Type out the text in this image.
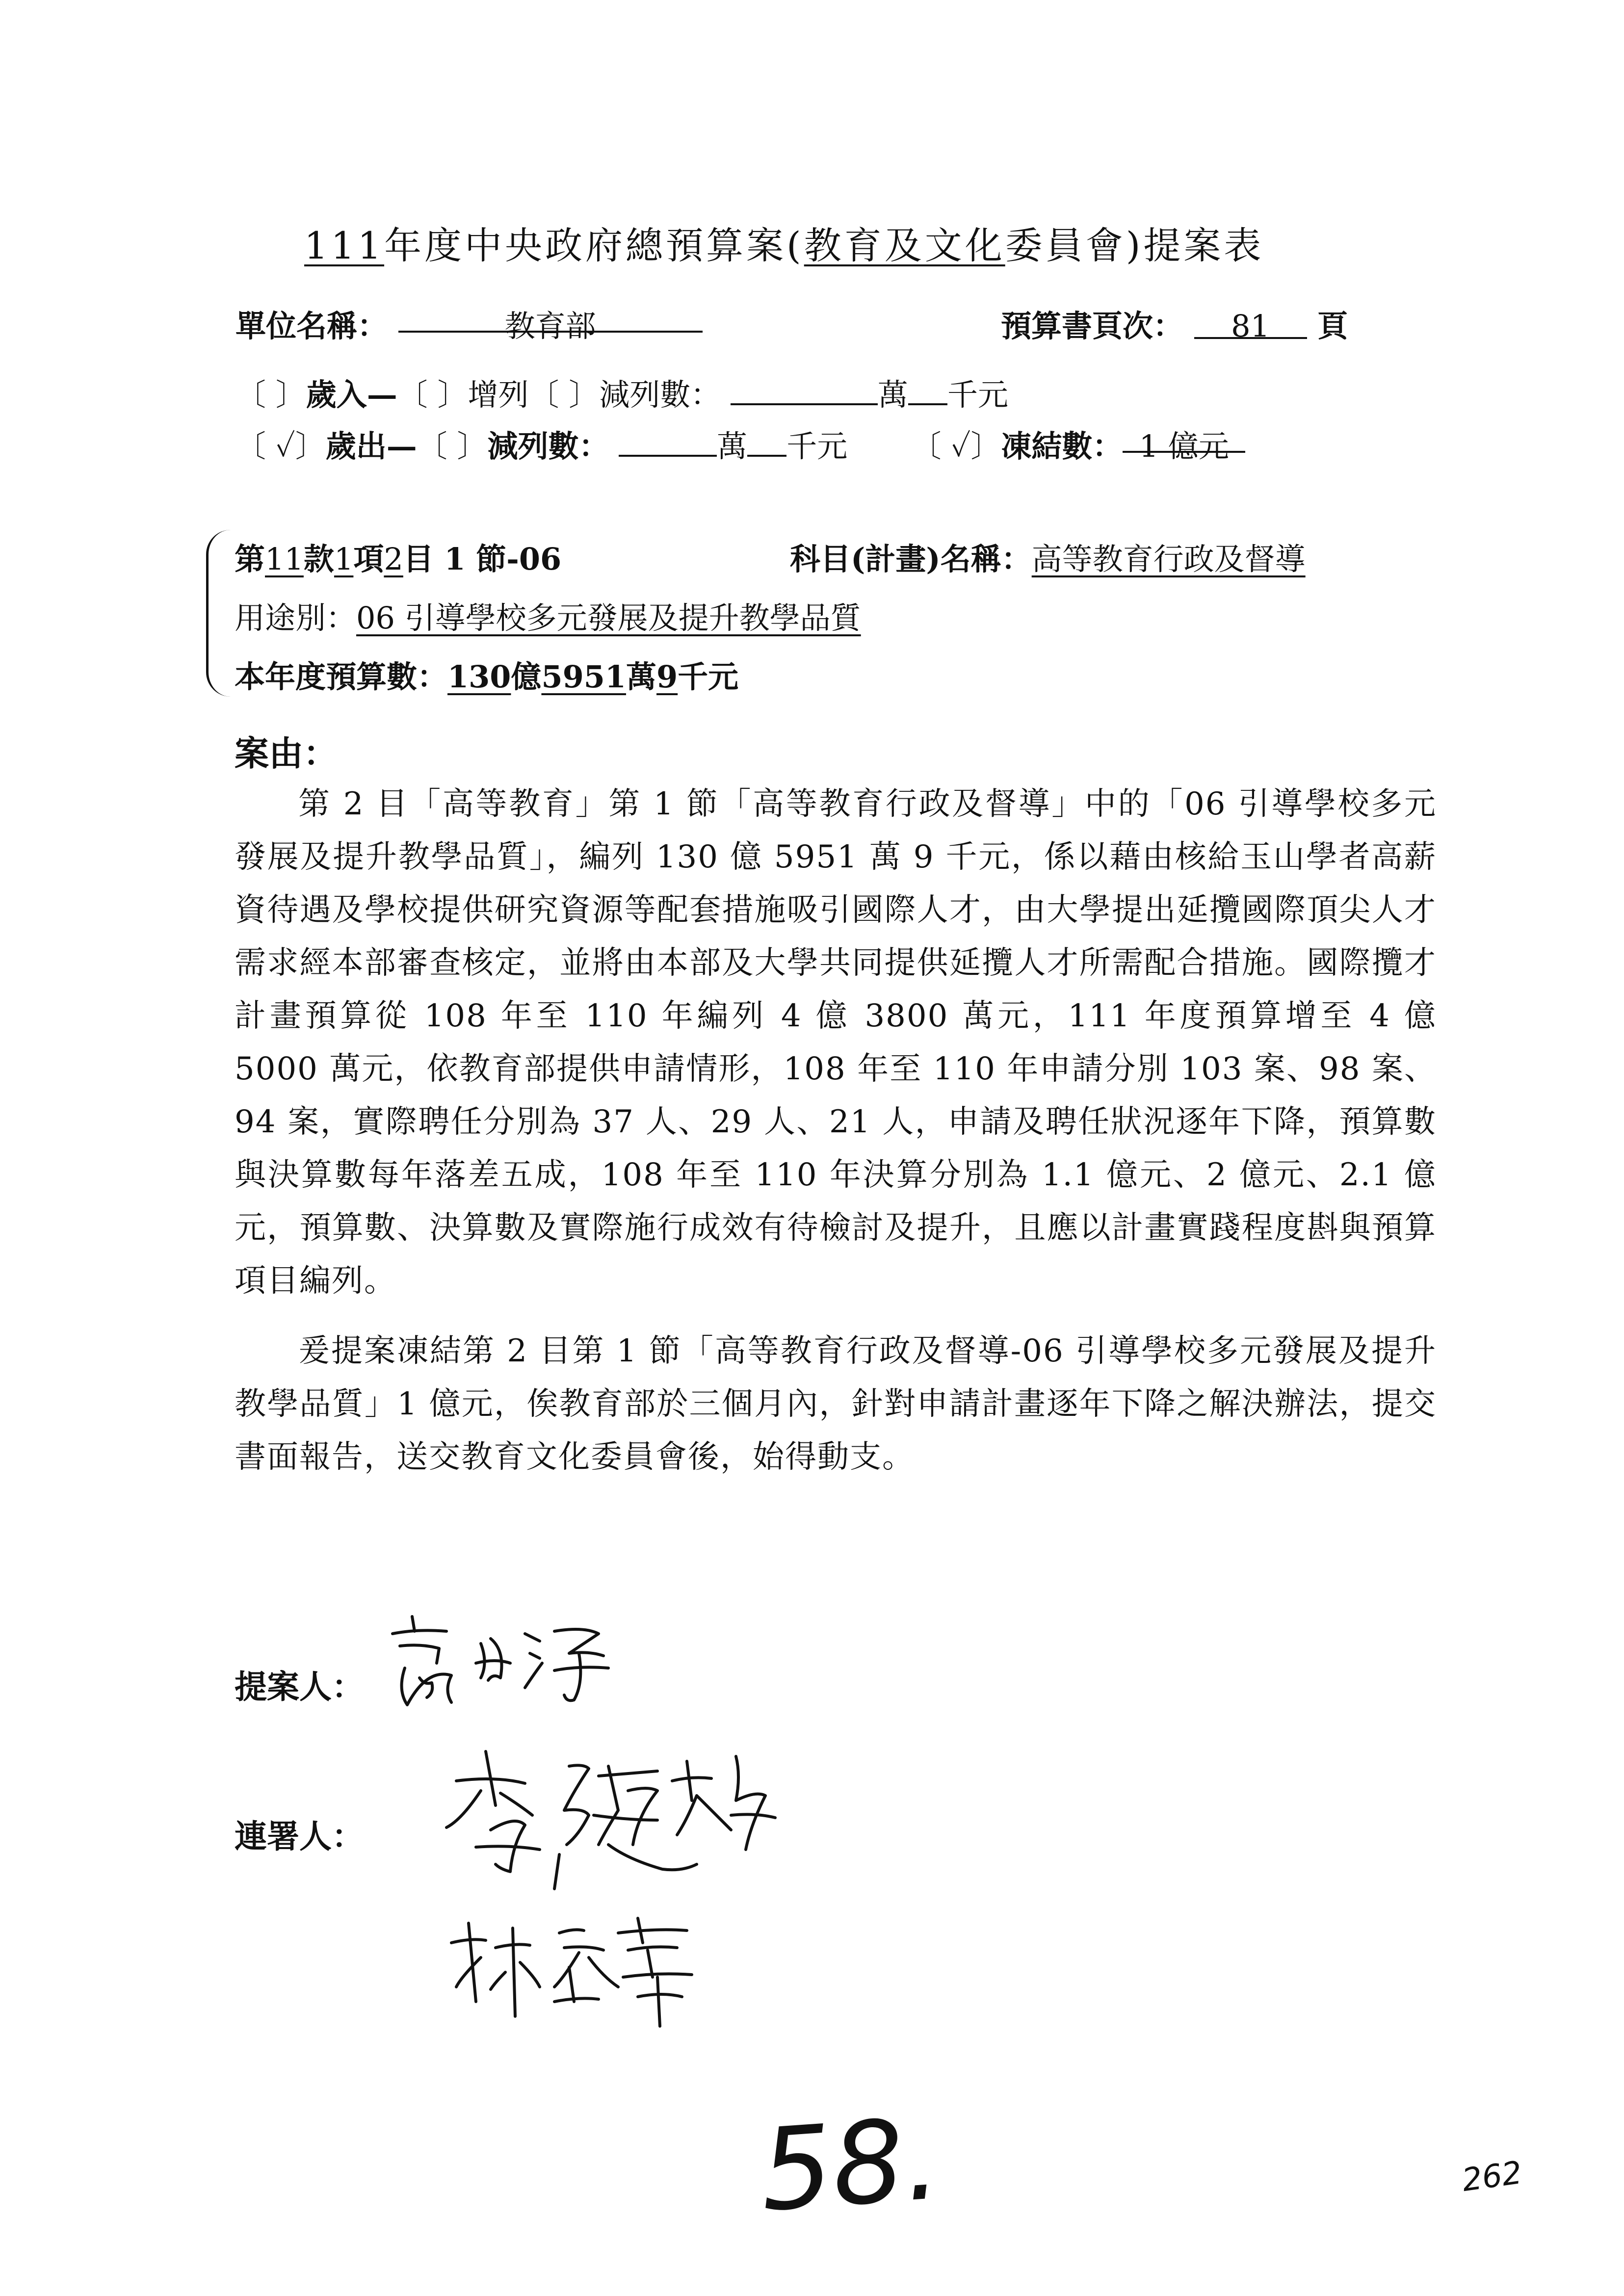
111年度中央政府總預算案(教育及文化委員會)提案表
單位名稱：	教育部	預算書頁次： 81 頁
〔 〕歲入—〔 〕增列〔 〕減列數：	萬 千元
〔 ✓〕歲出—〔 〕減列數：	萬 千元 〔 ✓〕凍結數： 1 億元
第11款1項2目 1 節-06	科目(計畫)名稱：高等教育行政及督導
用途別：06 引導學校多元發展及提升教學品質
本年度預算數：130億5951萬9千元
案由：
第 2 目「高等教育」第 1 節「高等教育行政及督導」中的「06 引導學校多元發展及提升教學品質」，編列 130 億 5951 萬 9 千元，係以藉由核給玉山學者高薪資待遇及學校提供研究資源等配套措施吸引國際人才，由大學提出延攬國際頂尖人才需求經本部審查核定，並將由本部及大學共同提供延攬人才所需配合措施。國際攬才計畫預算從 108 年至 110 年編列 4 億 3800 萬元，111 年度預算增至 4 億 5000 萬元，依教育部提供申請情形，108 年至 110 年申請分別 103 案、98 案、94 案，實際聘任分別為 37 人、29 人、21 人，申請及聘任狀況逐年下降，預算數與決算數每年落差五成，108 年至 110 年決算分別為 1.1 億元、2 億元、2.1 億元，預算數、決算數及實際施行成效有待檢討及提升，且應以計畫實踐程度斟與預算項目編列。
爰提案凍結第 2 目第 1 節「高等教育行政及督導-06 引導學校多元發展及提升教學品質」1 億元，俟教育部於三個月內，針對申請計畫逐年下降之解決辦法，提交書面報告，送交教育文化委員會後，始得動支。
提案人：
連署人：
58.	262
